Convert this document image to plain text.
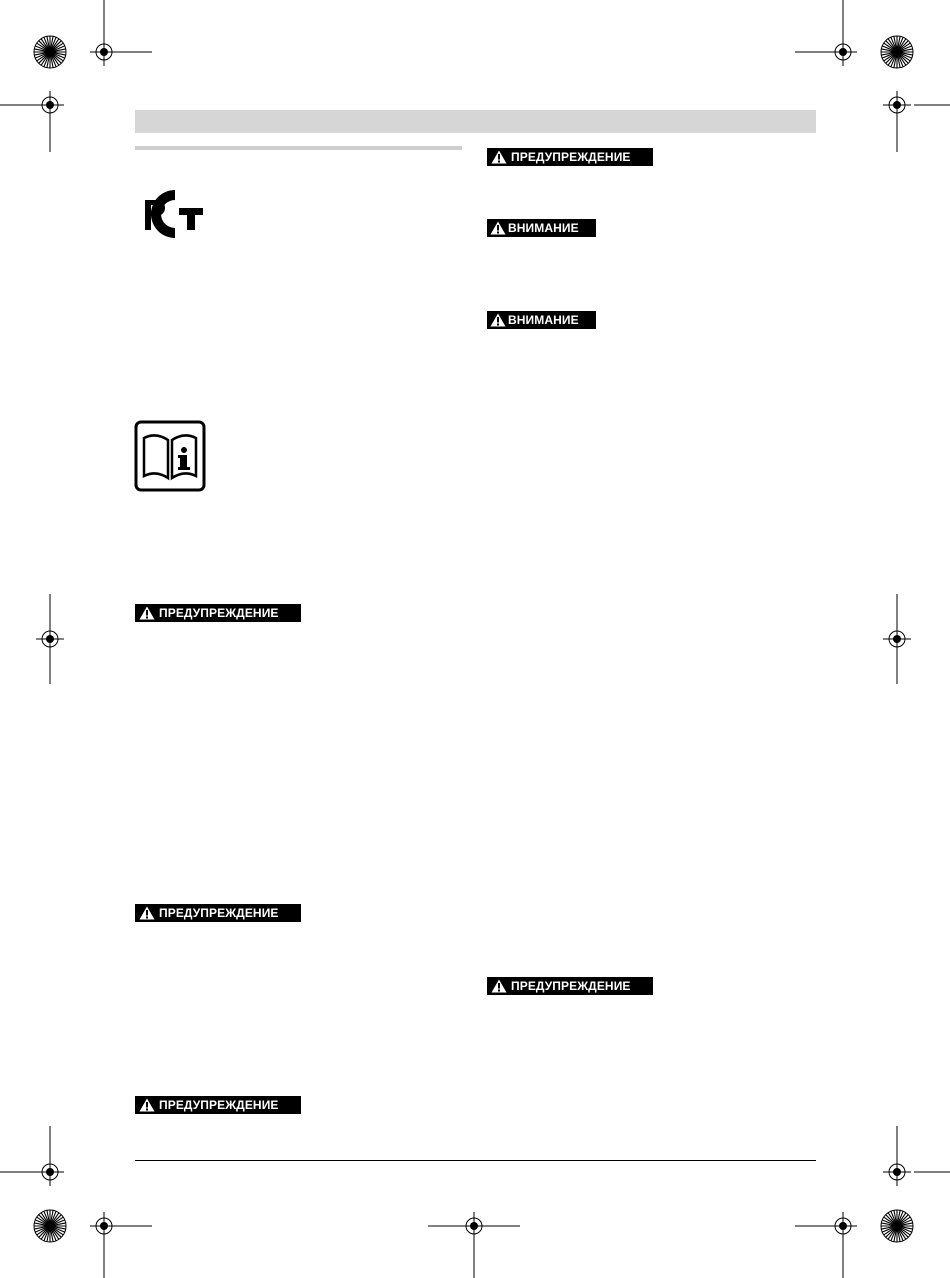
ПРЕДУПРЕЖДЕНИЕ
ПРЕДУПРЕЖДЕНИЕ
ПРЕДУПРЕЖДЕНИЕ
ПРЕДУПРЕЖДЕНИЕ
ВНИМАНИЕ
ВНИМАНИЕ
ПРЕДУПРЕЖДЕНИЕ
